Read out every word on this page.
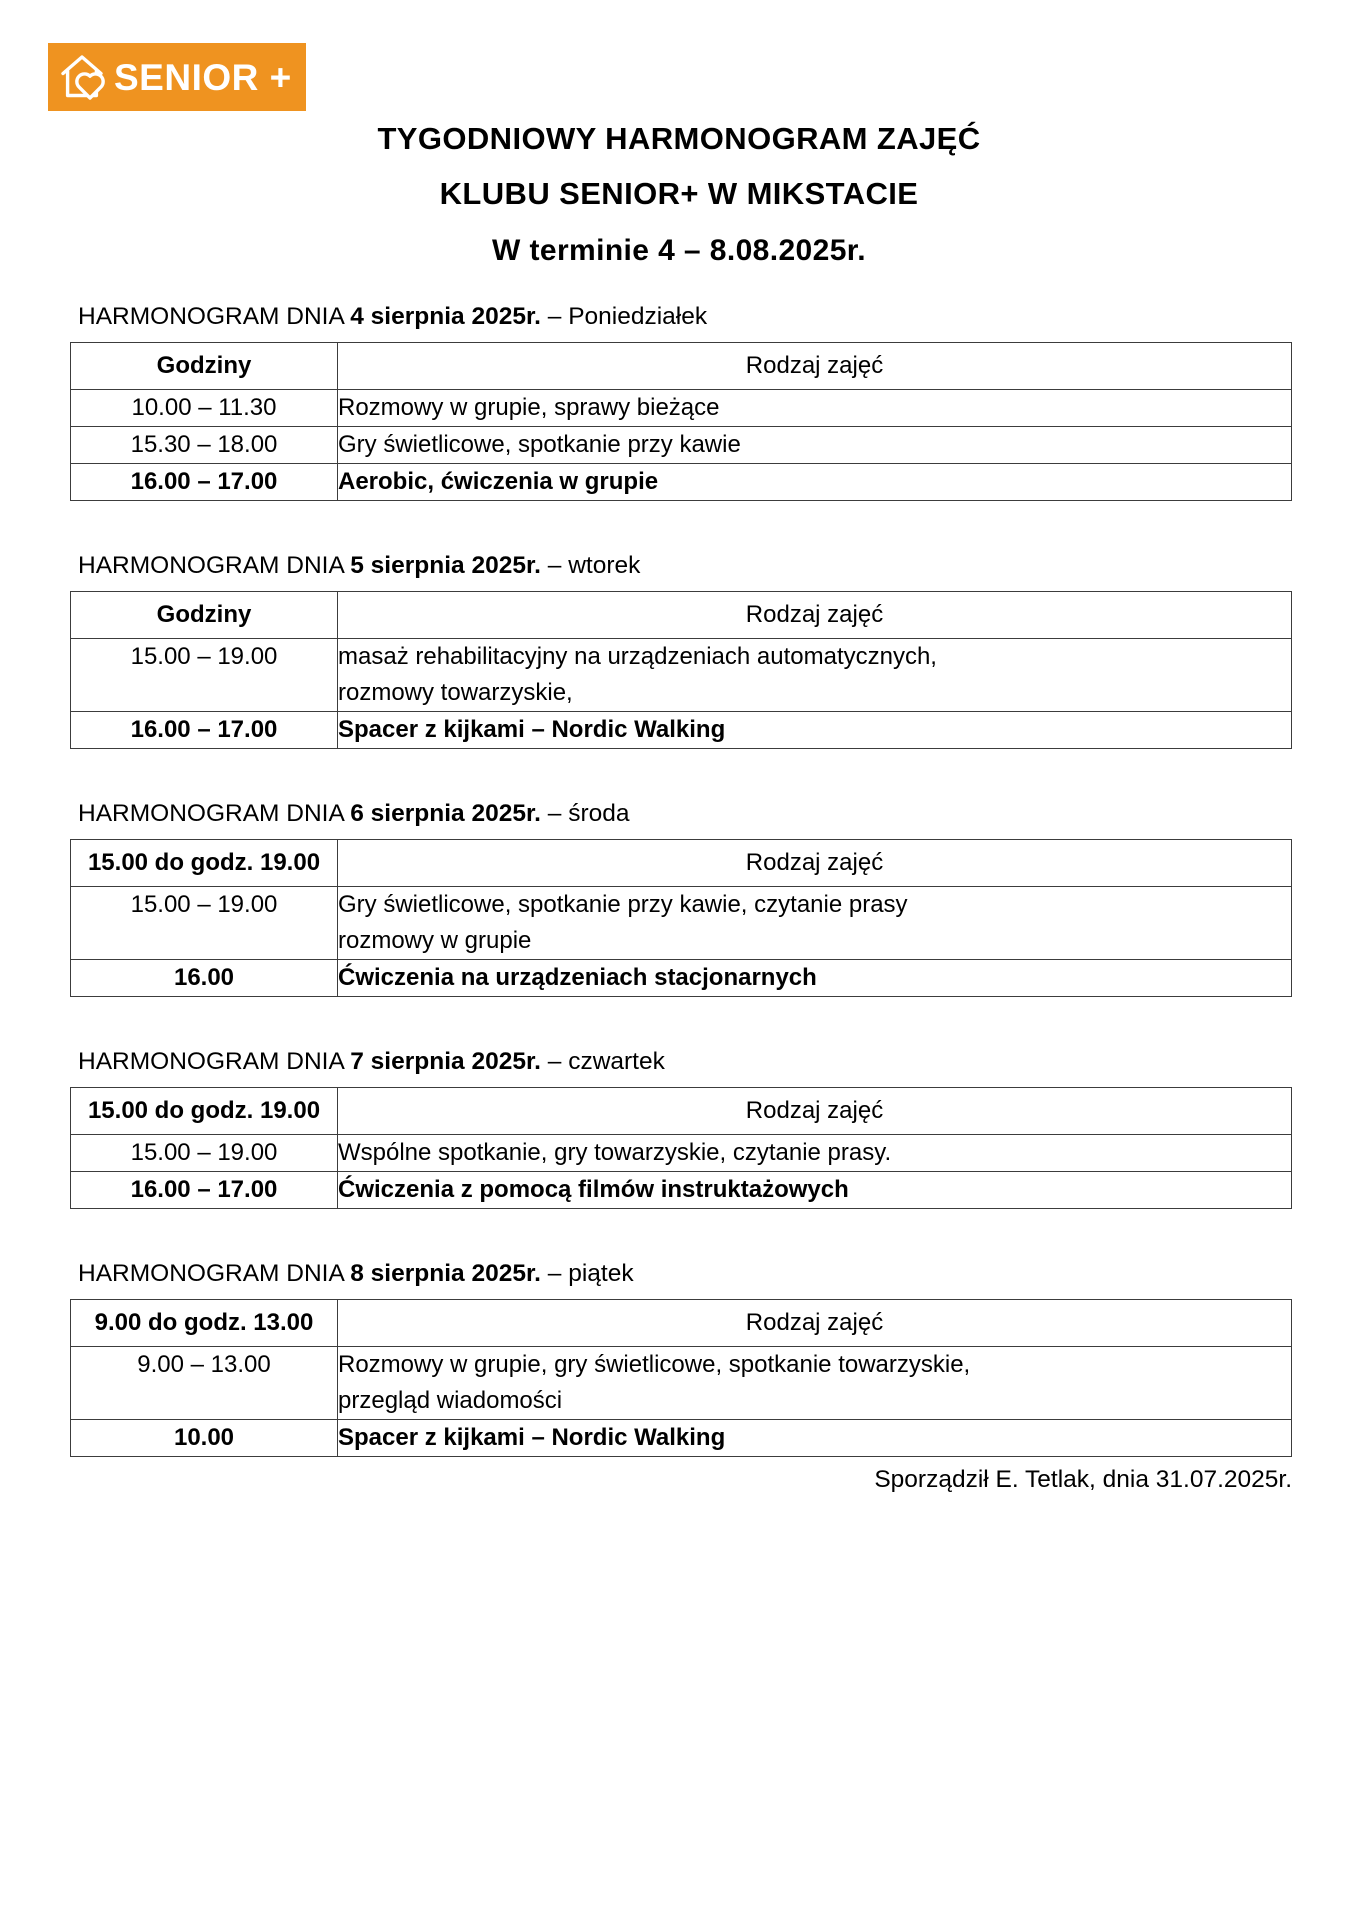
SENIOR +
TYGODNIOWY HARMONOGRAM ZAJĘĆ
KLUBU SENIOR+ W MIKSTACIE
W terminie 4 – 8.08.2025r.
HARMONOGRAM DNIA 4 sierpnia 2025r. – Poniedziałek
Godziny	Rodzaj zajęć

10.00 – 11.30	Rozmowy w grupie, sprawy bieżące

15.30 – 18.00	Gry świetlicowe, spotkanie przy kawie

16.00 – 17.00	Aerobic, ćwiczenia w grupie
HARMONOGRAM DNIA 5 sierpnia 2025r. – wtorek
Godziny	Rodzaj zajęć

15.00 – 19.00	masaż rehabilitacyjny na urządzeniach automatycznych,
rozmowy towarzyskie,

16.00 – 17.00	Spacer z kijkami – Nordic Walking
HARMONOGRAM DNIA 6 sierpnia 2025r. – środa
15.00 do godz. 19.00	Rodzaj zajęć

15.00 – 19.00	Gry świetlicowe, spotkanie przy kawie, czytanie prasy
rozmowy w grupie

16.00	Ćwiczenia na urządzeniach stacjonarnych
HARMONOGRAM DNIA 7 sierpnia 2025r. – czwartek
15.00 do godz. 19.00	Rodzaj zajęć

15.00 – 19.00	Wspólne spotkanie, gry towarzyskie, czytanie prasy.

16.00 – 17.00	Ćwiczenia z pomocą filmów instruktażowych
HARMONOGRAM DNIA 8 sierpnia 2025r. – piątek
9.00 do godz. 13.00	Rodzaj zajęć

9.00 – 13.00	Rozmowy w grupie, gry świetlicowe, spotkanie towarzyskie,
przegląd wiadomości

10.00	Spacer z kijkami – Nordic Walking
Sporządził E. Tetlak, dnia 31.07.2025r.
